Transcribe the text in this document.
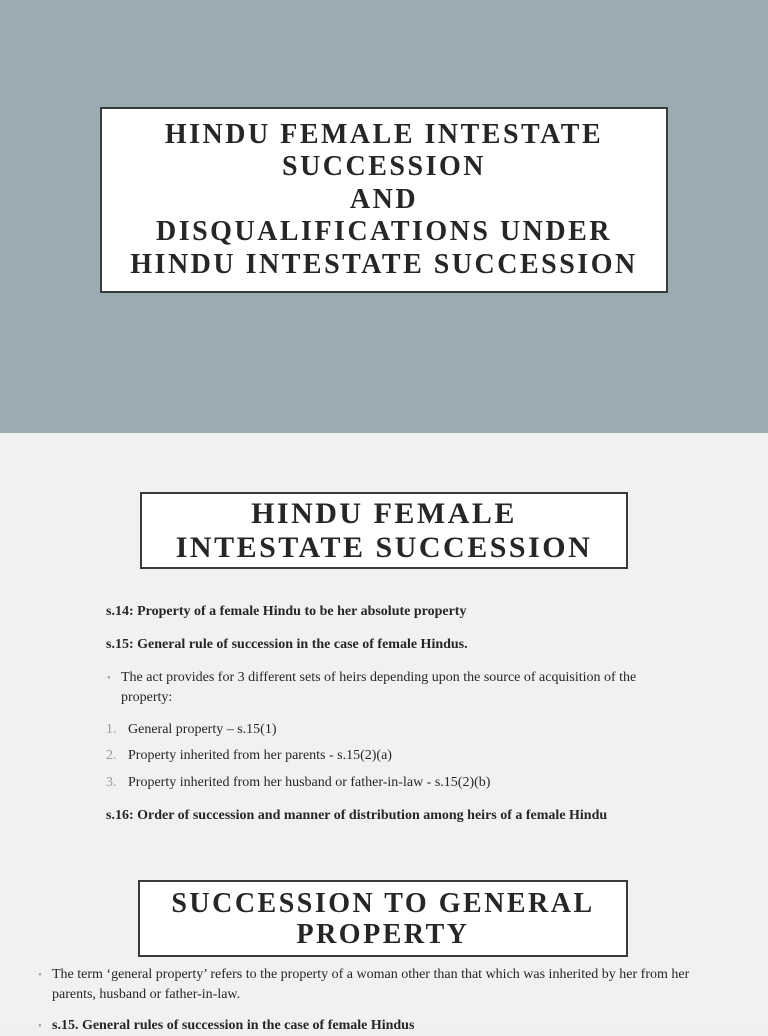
HINDU FEMALE INTESTATE
SUCCESSION
AND
DISQUALIFICATIONS UNDER
HINDU INTESTATE SUCCESSION
HINDU FEMALE
INTESTATE SUCCESSION
s.14: Property of a female Hindu to be her absolute property
s.15: General rule of succession in the case of female Hindus.
• The act provides for 3 different sets of heirs depending upon the source of acquisition of the
property:
1. General property – s.15(1)
2. Property inherited from her parents - s.15(2)(a)
3. Property inherited from her husband or father-in-law - s.15(2)(b)
s.16: Order of succession and manner of distribution among heirs of a female Hindu
SUCCESSION TO GENERAL
PROPERTY
• The term ‘general property’ refers to the property of a woman other than that which was inherited by her from her
parents, husband or father-in-law.
• s.15. General rules of succession in the case of female Hindus
